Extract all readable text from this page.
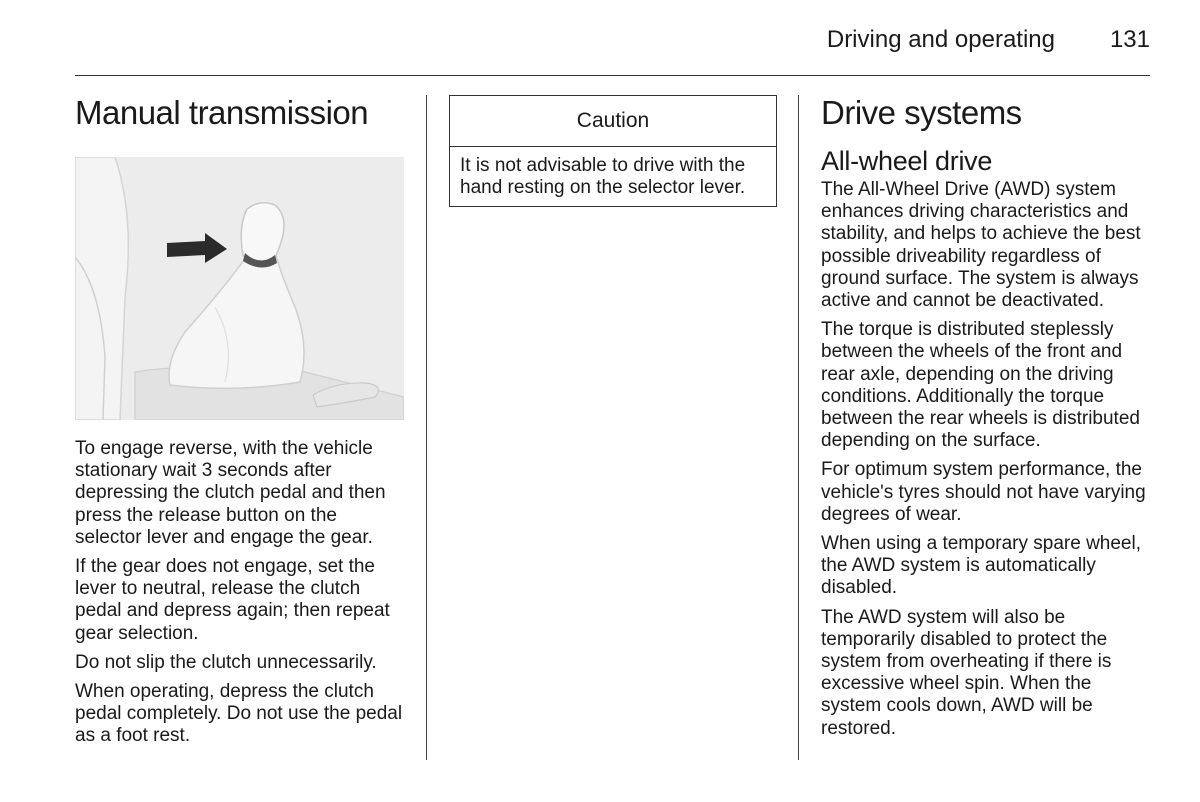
Driving and operating 131
Manual transmission

To engage reverse, with the vehicle stationary wait 3 seconds after depressing the clutch pedal and then press the release button on the selector lever and engage the gear.

If the gear does not engage, set the lever to neutral, release the clutch pedal and depress again; then repeat gear selection.

Do not slip the clutch unnecessarily.

When operating, depress the clutch pedal completely. Do not use the pedal as a foot rest.

Caution
It is not advisable to drive with the hand resting on the selector lever.
Drive systems
All-wheel drive

The All-Wheel Drive (AWD) system enhances driving characteristics and stability, and helps to achieve the best possible driveability regardless of ground surface. The system is always active and cannot be deactivated.

The torque is distributed steplessly between the wheels of the front and rear axle, depending on the driving conditions. Additionally the torque between the rear wheels is distributed depending on the surface.

For optimum system performance, the vehicle's tyres should not have varying degrees of wear.

When using a temporary spare wheel, the AWD system is automatically disabled.

The AWD system will also be temporarily disabled to protect the system from overheating if there is excessive wheel spin. When the system cools down, AWD will be restored.
